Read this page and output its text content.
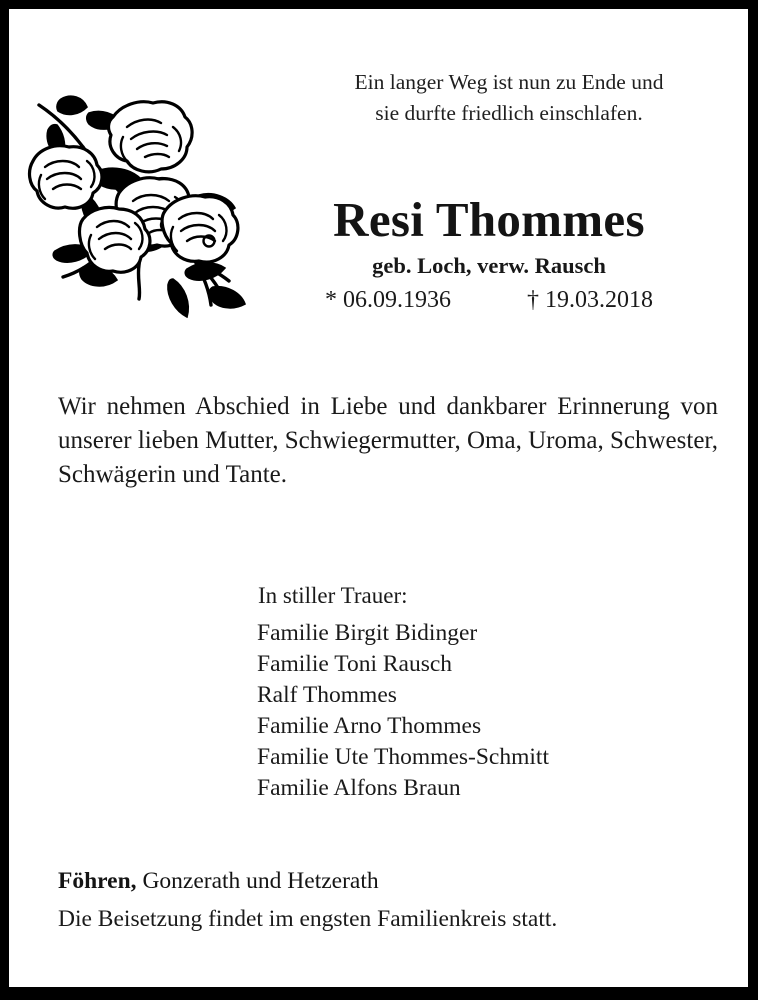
Ein langer Weg ist nun zu Ende und
sie durfte friedlich einschlafen.
Resi Thommes
geb. Loch, verw. Rausch
* 06.09.1936	† 19.03.2018
Wir nehmen Abschied in Liebe und dankbarer Erinnerung von unserer lieben Mutter, Schwiegermutter, Oma, Uroma, Schwester, Schwägerin und Tante.
In stiller Trauer:
Familie Birgit Bidinger
Familie Toni Rausch
Ralf Thommes
Familie Arno Thommes
Familie Ute Thommes-Schmitt
Familie Alfons Braun
Föhren, Gonzerath und Hetzerath
Die Beisetzung findet im engsten Familienkreis statt.
